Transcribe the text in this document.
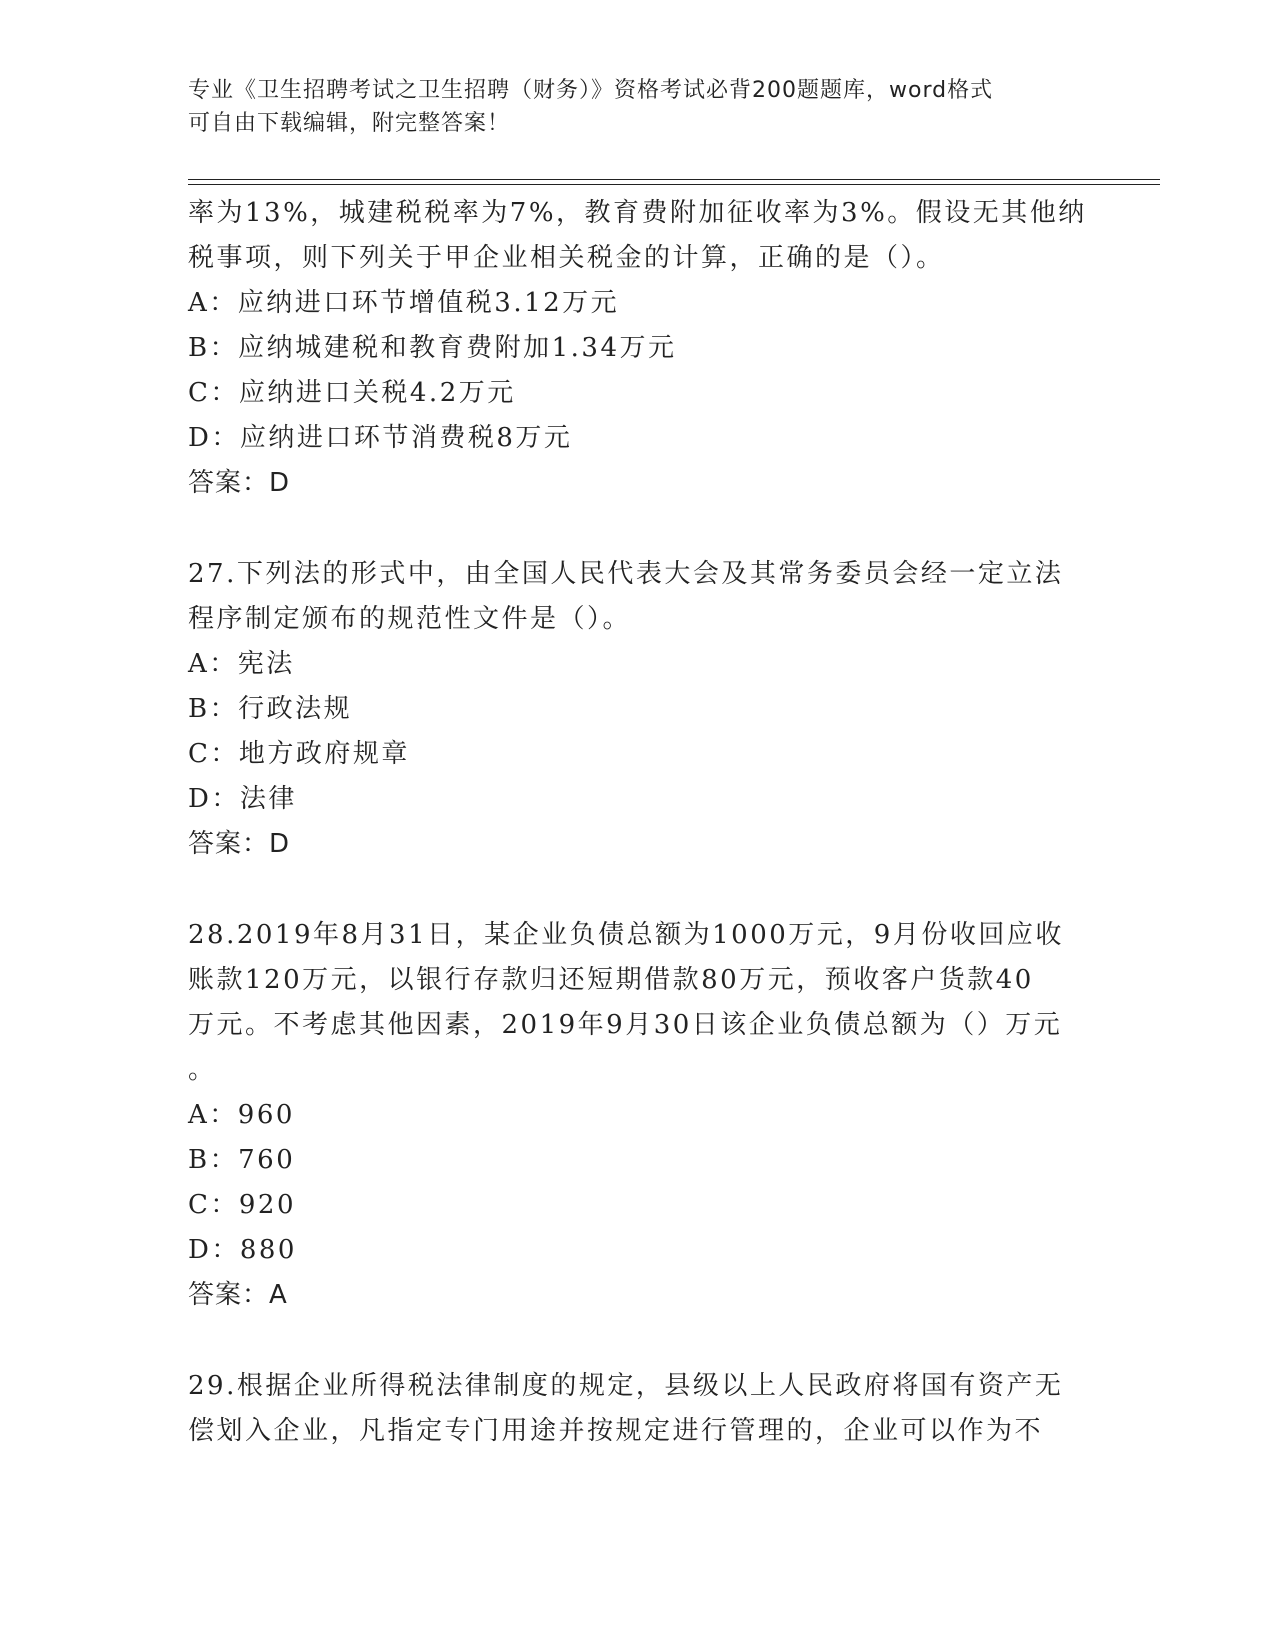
专业《卫生招聘考试之卫生招聘（财务）》资格考试必背200题题库，word格式
可自由下载编辑，附完整答案！
率为13%，城建税税率为7%，教育费附加征收率为3%。假设无其他纳
税事项，则下列关于甲企业相关税金的计算，正确的是（）。
A：应纳进口环节增值税3.12万元
B：应纳城建税和教育费附加1.34万元
C：应纳进口关税4.2万元
D：应纳进口环节消费税8万元
答案：D
27.下列法的形式中，由全国人民代表大会及其常务委员会经一定立法
程序制定颁布的规范性文件是（）。
A：宪法
B：行政法规
C：地方政府规章
D：法律
答案：D
28.2019年8月31日，某企业负债总额为1000万元，9月份收回应收
账款120万元，以银行存款归还短期借款80万元，预收客户货款40
万元。不考虑其他因素，2019年9月30日该企业负债总额为（）万元
。
A：960
B：760
C：920
D：880
答案：A
29.根据企业所得税法律制度的规定，县级以上人民政府将国有资产无
偿划入企业，凡指定专门用途并按规定进行管理的，企业可以作为不
